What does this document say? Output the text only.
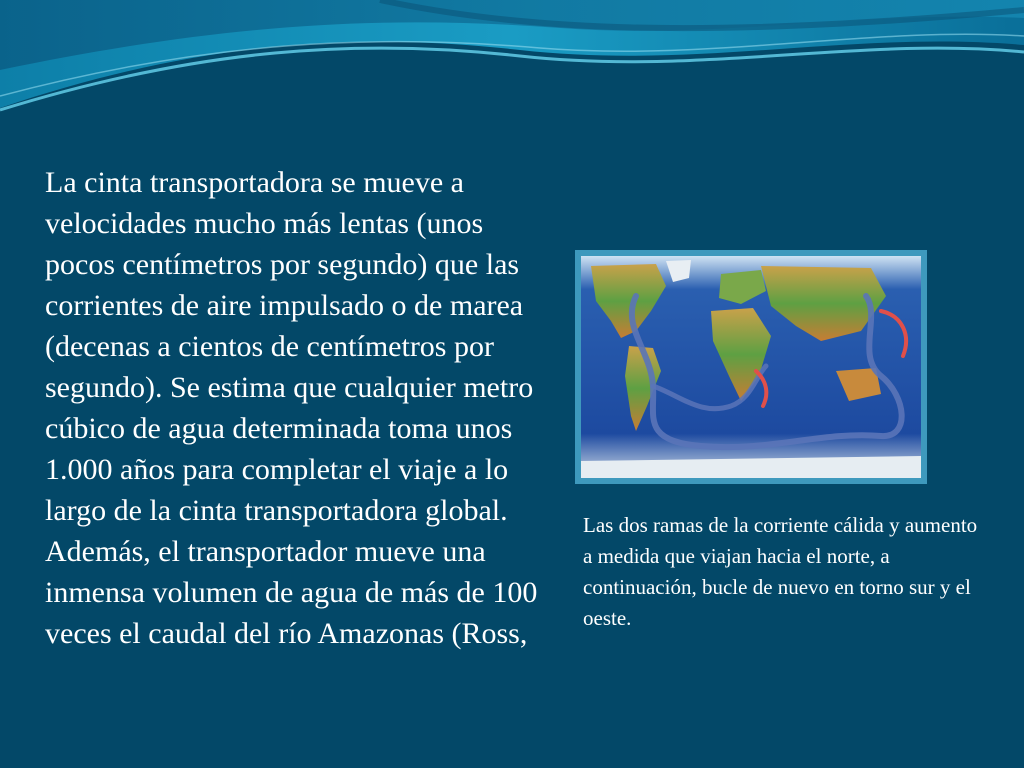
La cinta transportadora se mueve a velocidades mucho más lentas (unos pocos centímetros por segundo) que las corrientes de aire impulsado o de marea (decenas a cientos de centímetros por segundo). Se estima que cualquier metro cúbico de agua determinada toma unos 1.000 años para completar el viaje a lo largo de la cinta transportadora global. Además, el transportador mueve una inmensa volumen de agua de más de 100 veces el caudal del río Amazonas (Ross,

Las dos ramas de la corriente cálida y aumento a medida que viajan hacia el norte, a continuación, bucle de nuevo en torno sur y el oeste.
